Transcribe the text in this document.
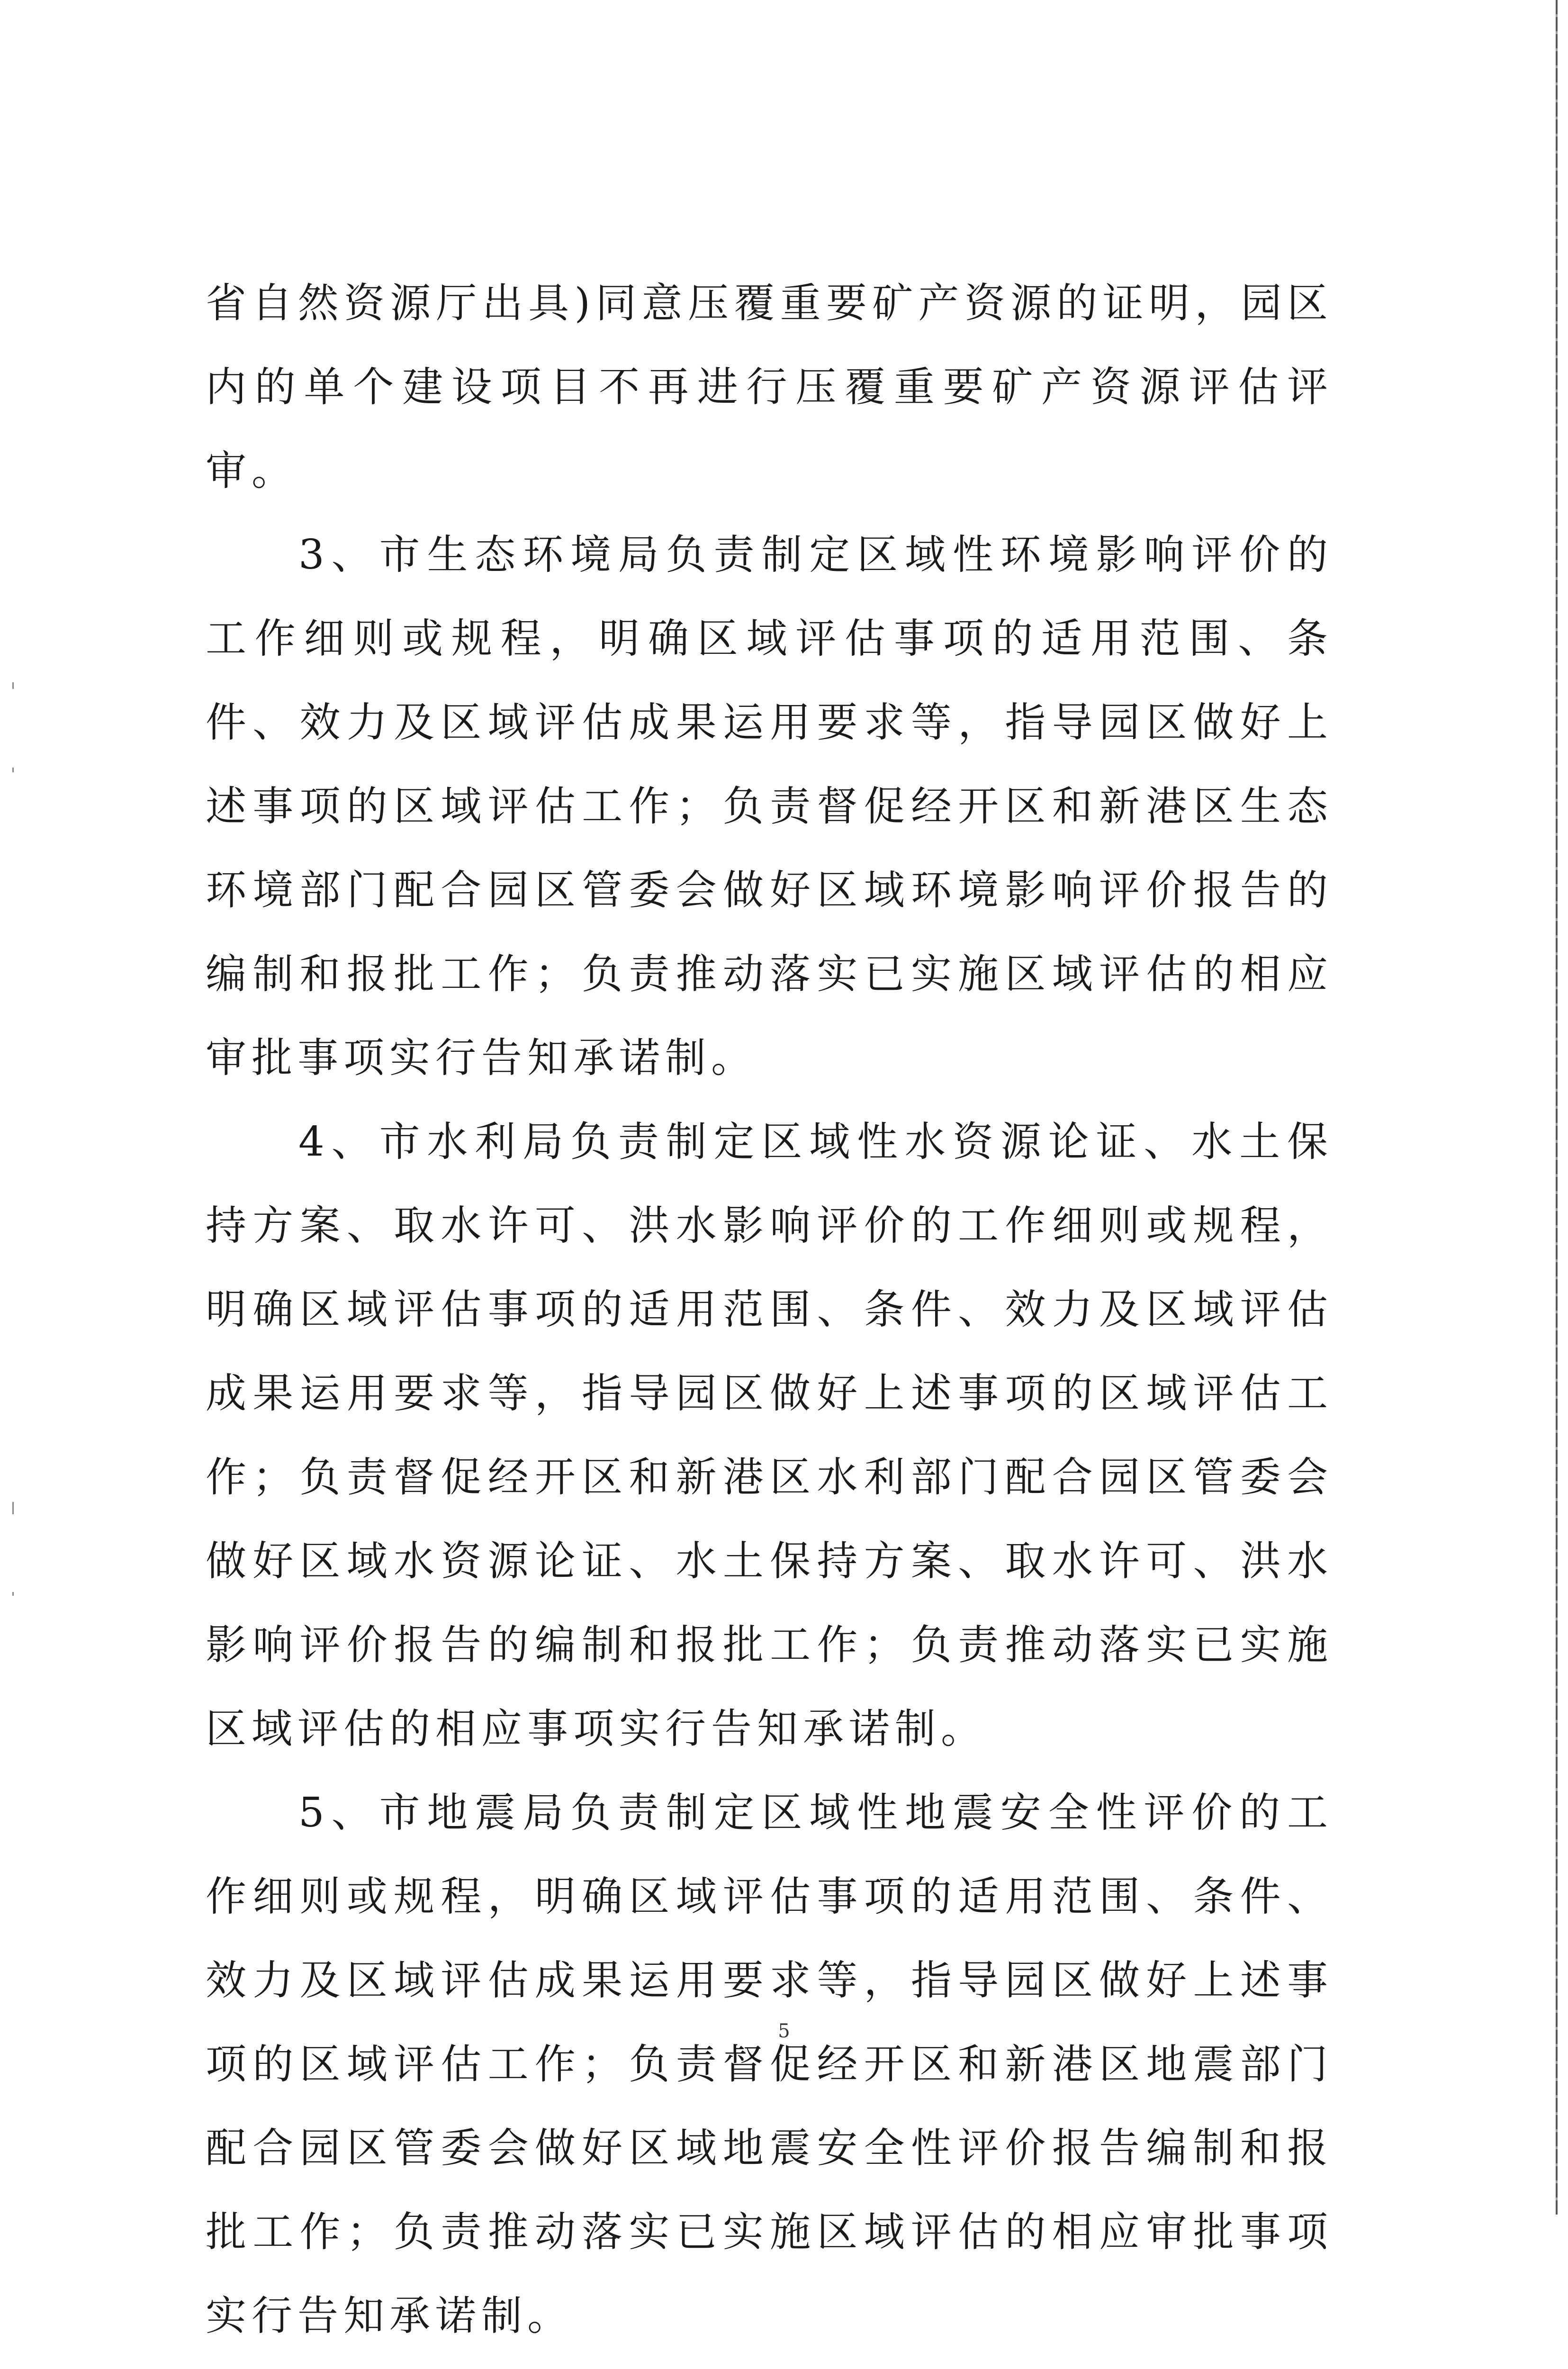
省自然资源厅出具)同意压覆重要矿产资源的证明，园区内的单个建设项目不再进行压覆重要矿产资源评估评审。

3、市生态环境局负责制定区域性环境影响评价的工作细则或规程，明确区域评估事项的适用范围、条件、效力及区域评估成果运用要求等，指导园区做好上述事项的区域评估工作；负责督促经开区和新港区生态环境部门配合园区管委会做好区域环境影响评价报告的编制和报批工作；负责推动落实已实施区域评估的相应审批事项实行告知承诺制。

4、市水利局负责制定区域性水资源论证、水土保持方案、取水许可、洪水影响评价的工作细则或规程，明确区域评估事项的适用范围、条件、效力及区域评估成果运用要求等，指导园区做好上述事项的区域评估工作；负责督促经开区和新港区水利部门配合园区管委会做好区域水资源论证、水土保持方案、取水许可、洪水影响评价报告的编制和报批工作；负责推动落实已实施区域评估的相应事项实行告知承诺制。

5、市地震局负责制定区域性地震安全性评价的工作细则或规程，明确区域评估事项的适用范围、条件、效力及区域评估成果运用要求等，指导园区做好上述事项的区域评估工作；负责督促经开区和新港区地震部门配合园区管委会做好区域地震安全性评价报告编制和报批工作；负责推动落实已实施区域评估的相应审批事项实行告知承诺制。

5
